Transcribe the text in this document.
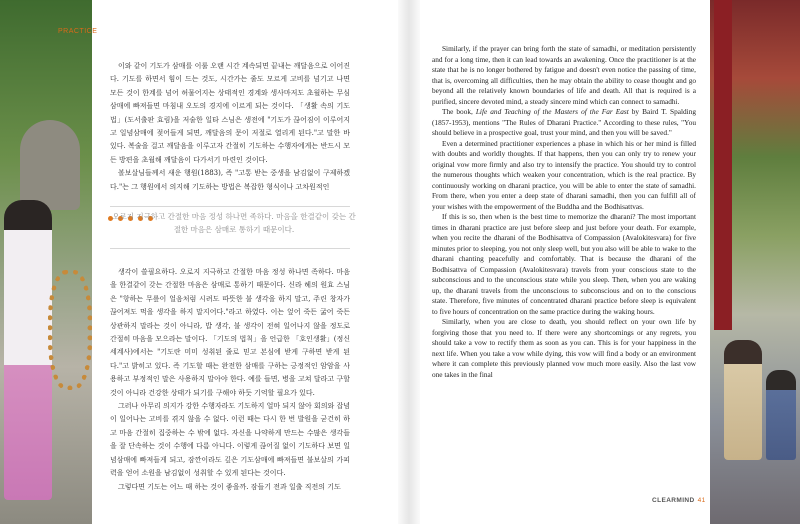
PRACTICE

이와 같이 기도가 삼매를 이룰 오랜 시간 계속되면 끝내는 깨달음으로 이어진다. 기도를 하면서 힘이 드는 것도, 시간가는 줄도 모르게 고비를 넘기고 나면 모든 것이 한계를 넘어 허물어지는 상태적인 경계와 생사마저도 초월하는 무심삼매에 빠져들면 마침내 오도의 경지에 이르게 되는 것이다. 「생활 속의 기도법」(도서출판 효림)을 저술한 일타 스님은 생전에 "기도가 끊어짐이 이루어지고 일념삼매에 젖어들게 되면, 깨달음의 문이 저절로 열리게 된다."고 말한 바 있다. 복술을 걸고 깨달음을 이루고자 간절히 기도하는 수행자에게는 반드시 모든 방편을 초월해 깨달음이 다가서기 마련인 것이다.

볼보살님들께서 새운 행원(1883), 즉 "고통 받는 중생을 남김없이 구제하겠다."는 그 행원에서 의지해 기도하는 방법은 복잡한 형식이나 고차원적인

오로지 지극하고 간절한 마음 정성 하나면 족하다. 마음을 한결같이 갖는 간절한 마음은 삼매로 통하기 때문이다.

생각이 쓸필요하다. 오로지 지극하고 간절한 마음 정성 하나면 족하다. 마음을 한결같이 갖는 간절한 마음은 삼매로 통하기 때문이다. 신라 헤의 원효 스님은 "항하는 무릎이 얼음처럼 시려도 따뜻한 불 생각을 하지 말고, 주린 창자가 끊어져도 먹을 생각을 하지 말지어다."라고 하였다. 이는 엎어 죽든 굶어 죽든 상관하지 말라는 것이 아니라, 밥 생각, 불 생각이 전혀 일어나지 않을 정도로 간절히 마음을 모으라는 말이다. 「기도의 법칙」을 언급한 「호인생활」(정신세계사)에서는 "기도란 미미 성취된 줄로 믿고 본심에 받게 구하면 받게 된다."고 밝히고 있다. 즉 기도할 때는 완전한 삼매를 구하는 긍정적인 암암을 사용하고 부정적인 말은 사용하지 말아야 한다. 예를 들면, 병을 고쳐 달라고 구할 것이 아니라 건강한 상태가 되기를 구해야 하듯 기억할 필요가 있다.

그러나 아무리 의지가 강한 수행자라도 기도하지 얼마 되지 않아 회의와 잡념이 일어나는 고비를 겪지 않을 수 없다. 이런 때는 다시 한 번 발원을 굳건히 하고 마음 간절히 집중하는 수 밖에 없다. 자신을 나약하게 만드는 수많은 생각들을 잘 단속하는 것이 수행에 다름 아니다. 이렇게 끊어질 없이 기도하다 보면 일념삼매에 빠져들게 되고, 잠깐이라도 깊은 기도삼매에 빠져들면 불보살의 가피력을 얻어 소원을 남김없이 성취할 수 있게 된다는 것이다.

그렇다면 기도는 어느 때 하는 것이 좋을까. 잠들기 전과 일출 직전의 기도

Similarly, if the prayer can bring forth the state of samadhi, or meditation persistently and for a long time, then it can lead towards an awakening. Once the practitioner is at the state that he is no longer bothered by fatigue and doesn't even notice the passing of time, that is, overcoming all difficulties, then he may obtain the ability to cease thought and go beyond all the relatively known boundaries of life and death. All that is required is a purified, sincere devoted mind, a steady sincere mind which can connect to samadhi.

The book, Life and Teaching of the Masters of the Far East by Baird T. Spalding (1857-1953), mentions "The Rules of Dharani Practice." According to these rules, "You should believe in a prospective goal, trust your mind, and then you will be saved."

Even a determined practitioner experiences a phase in which his or her mind is filled with doubts and worldly thoughts. If that happens, then you can only try to renew your original vow more firmly and also try to intensify the practice. You should try to control the numerous thoughts which weaken your concentration, which is the real practice. By continuously working on dharani practice, you will be able to enter the state of samadhi. From there, when you enter a deep state of dharani samadhi, then you can fulfill all of your wishes with the empowerment of the Buddha and the Bodhisattvas.

If this is so, then when is the best time to memorize the dharani? The most important times in dharani practice are just before sleep and just before your death. For example, when you recite the dharani of the Bodhisattva of Compassion (Avalokitesvara) for five minutes prior to sleeping, you not only sleep well, but you also will be able to wake to the dharani chanting peacefully and comfortably. That is because the dharani of the Bodhisattva of Compassion (Avalokitesvara) travels from your conscious state to the subconscious and to the unconscious state while you sleep. Then, when you are waking up, the dharani travels from the unconscious to subconscious and on to the conscious state. Therefore, five minutes of concentrated dharani practice before sleep is equivalent to five hours of concentration on the same practice during the waking hours.

Similarly, when you are close to death, you should reflect on your own life by forgiving those that you need to. If there were any shortcomings or any regrets, you should take a vow to rectify them as soon as you can. This is for your happiness in the next life. When you take a vow while dying, this vow will find a body or an environment where it can complete this previously planned vow much more easily. Also the last vow one takes in the final

CLEARMIND 41
